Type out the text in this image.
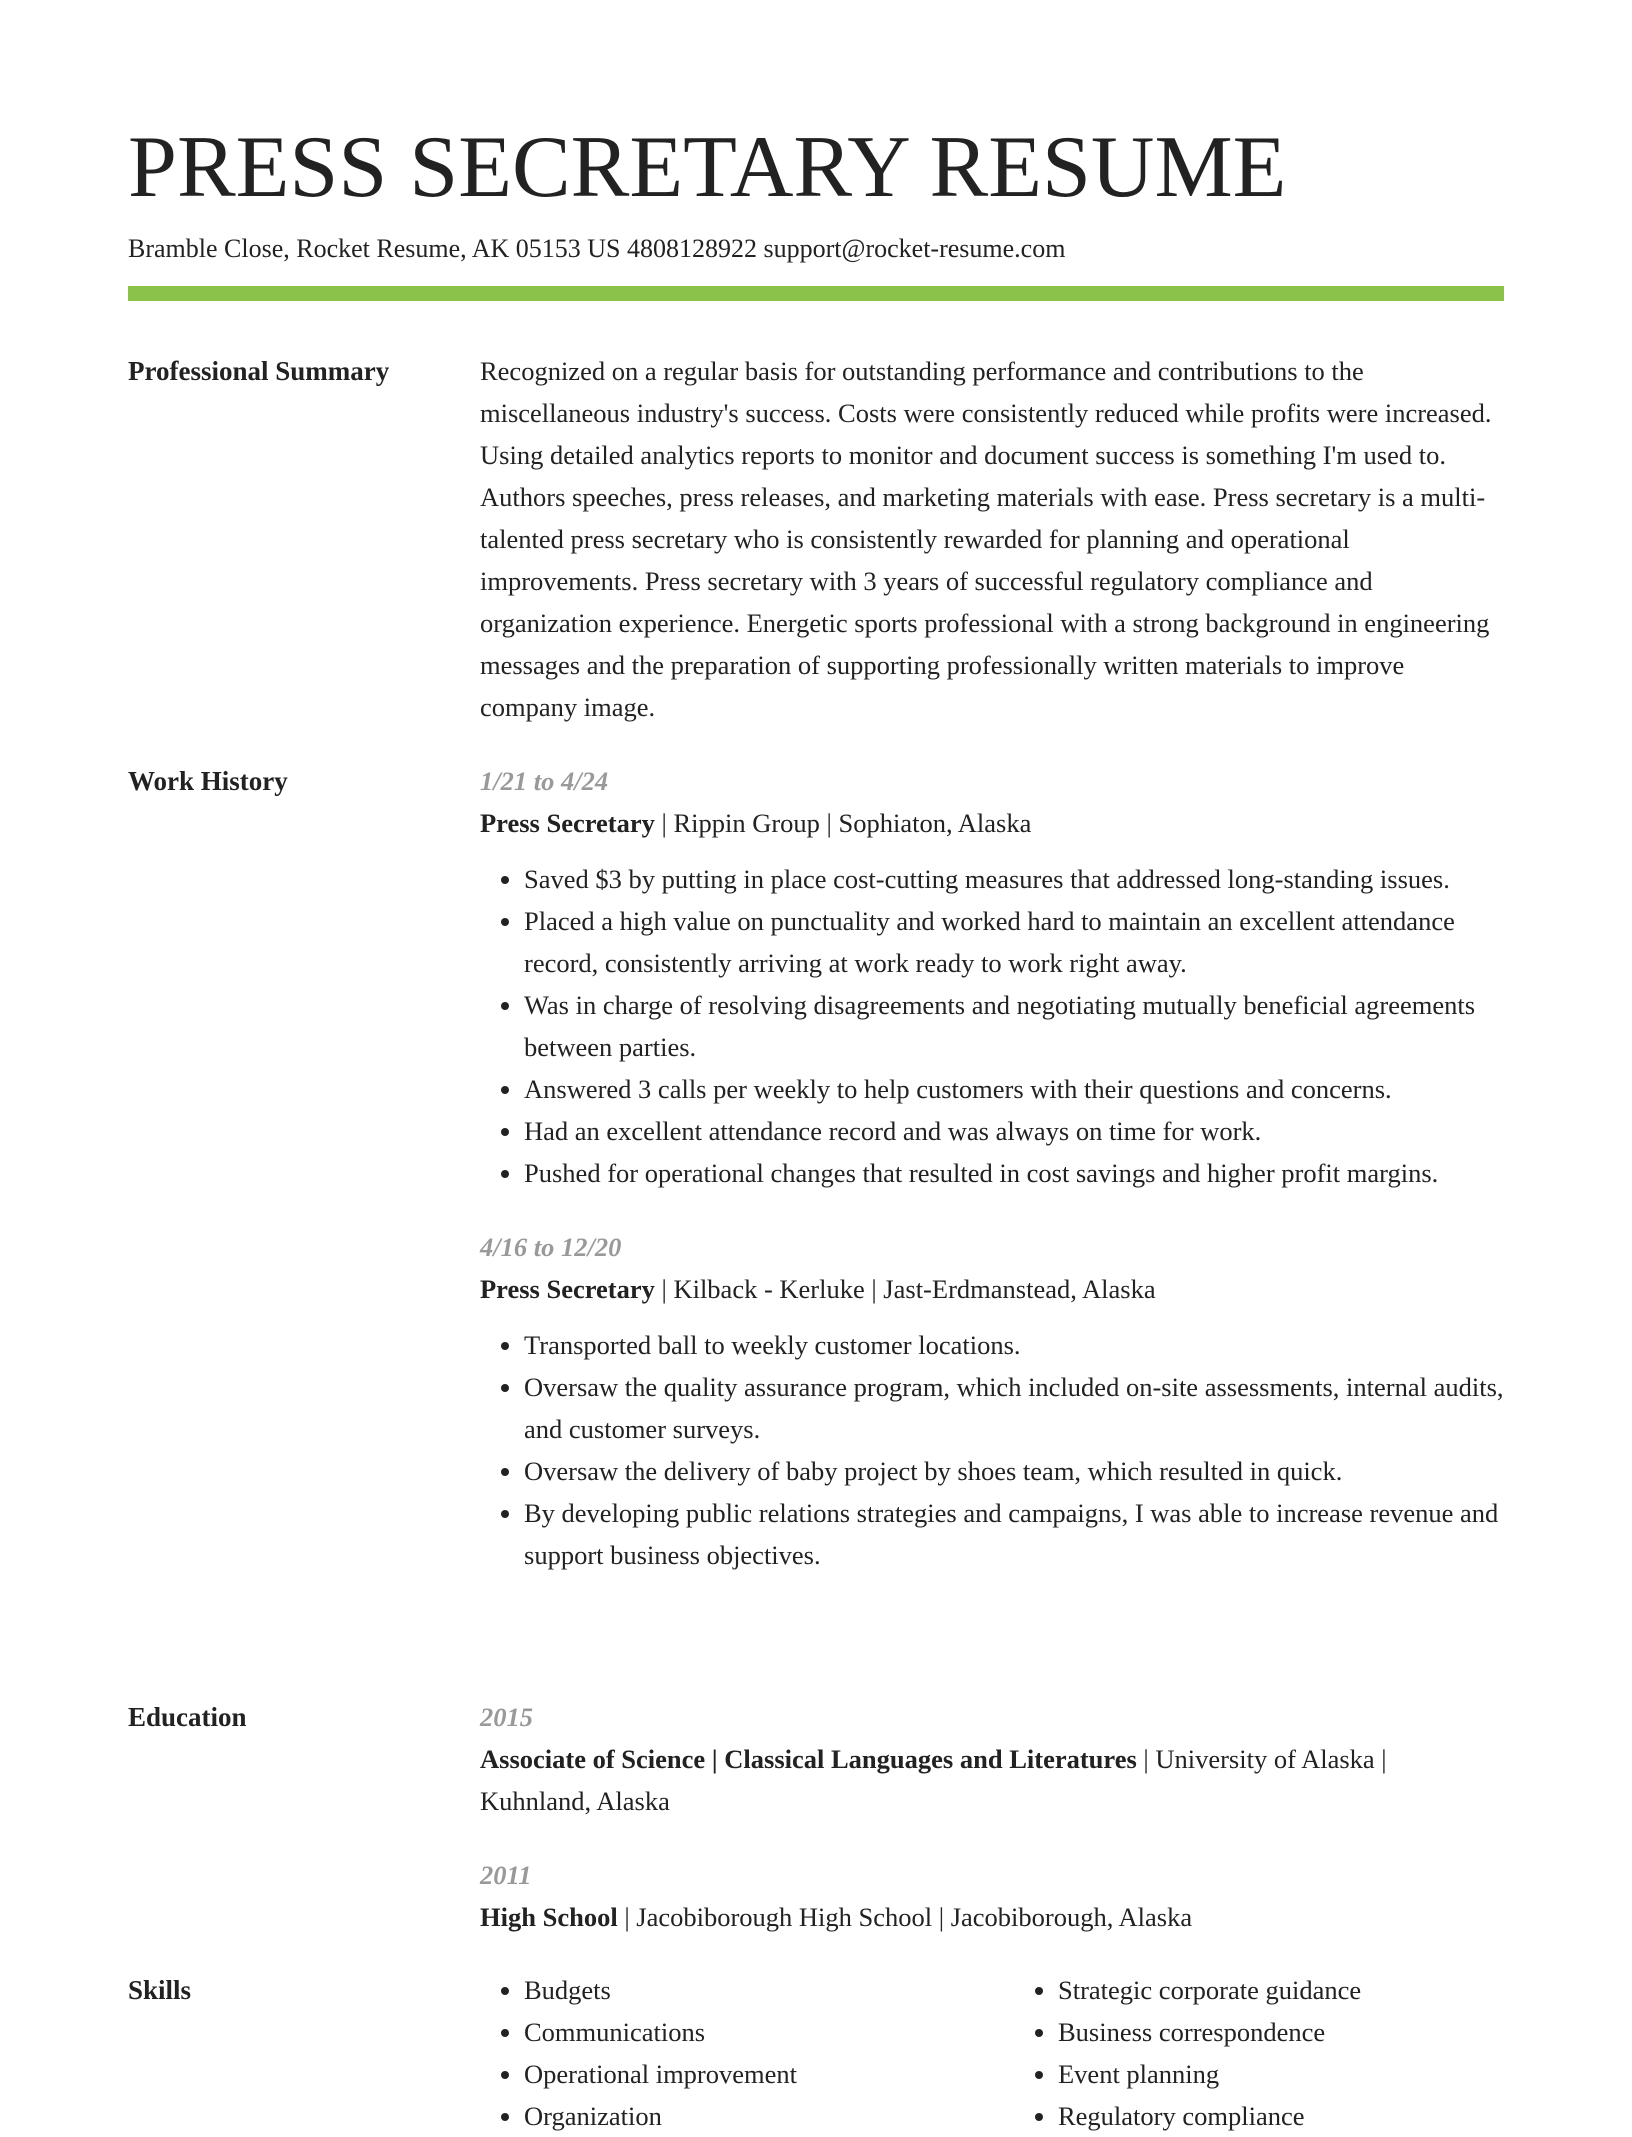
PRESS SECRETARY RESUME
Bramble Close, Rocket Resume, AK 05153 US 4808128922 support@rocket-resume.com
Professional Summary	Recognized on a regular basis for outstanding performance and contributions to the miscellaneous industry's success. Costs were consistently reduced while profits were increased. Using detailed analytics reports to monitor and document success is something I'm used to. Authors speeches, press releases, and marketing materials with ease. Press secretary is a multi-talented press secretary who is consistently rewarded for planning and operational improvements. Press secretary with 3 years of successful regulatory compliance and organization experience. Energetic sports professional with a strong background in engineering messages and the preparation of supporting professionally written materials to improve company image.

Work History	1/21 to 4/24

Press Secretary | Rippin Group | Sophiaton, Alaska

• Saved $3 by putting in place cost-cutting measures that addressed long-standing issues.
• Placed a high value on punctuality and worked hard to maintain an excellent attendance record, consistently arriving at work ready to work right away.
• Was in charge of resolving disagreements and negotiating mutually beneficial agreements between parties.
• Answered 3 calls per weekly to help customers with their questions and concerns.
• Had an excellent attendance record and was always on time for work.
• Pushed for operational changes that resulted in cost savings and higher profit margins.
4/16 to 12/20

Press Secretary | Kilback - Kerluke | Jast-Erdmanstead, Alaska

• Transported ball to weekly customer locations.
• Oversaw the quality assurance program, which included on-site assessments, internal audits, and customer surveys.
• Oversaw the delivery of baby project by shoes team, which resulted in quick.
• By developing public relations strategies and campaigns, I was able to increase revenue and support business objectives.
Education	2015

Associate of Science | Classical Languages and Literatures | University of Alaska | Kuhnland, Alaska

2011

High School | Jacobiborough High School | Jacobiborough, Alaska

Skills
•	Budgets
• Communications
• Operational improvement
• Organization
• Strategic corporate guidance
• Business correspondence
• Event planning
• Regulatory compliance
